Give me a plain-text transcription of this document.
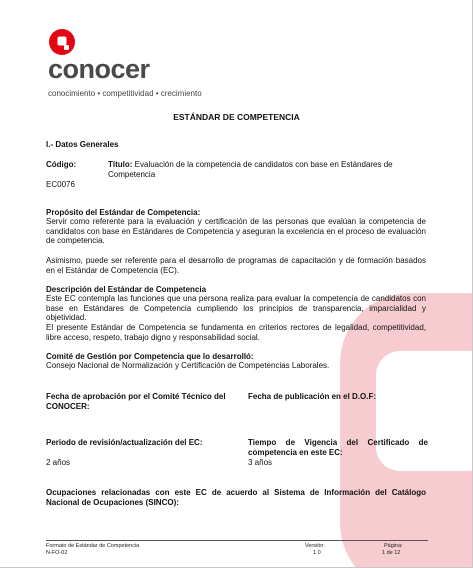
conocer
conocimiento • competitividad • crecimiento
ESTÁNDAR DE COMPETENCIA
I.- Datos Generales
Código:	Título: Evaluación de la competencia de candidatos con base en Estándares de Competencia
EC0076
Propósito del Estándar de Competencia:
Servir como referente para la evaluación y certificación de las personas que evalúan la competencia de candidatos con base en Estándares de Competencia y aseguran la excelencia en el proceso de evaluación de competencia.
Asimismo, puede ser referente para el desarrollo de programas de capacitación y de formación basados en el Estándar de Competencia (EC).
Descripción del Estándar de Competencia
Este EC contempla las funciones que una persona realiza para evaluar la competencia de candidatos con base en Estándares de Competencia cumpliendo los principios de transparencia, imparcialidad y objetividad.
El presente Estándar de Competencia se fundamenta en criterios rectores de legalidad, competitividad, libre acceso, respeto, trabajo digno y responsabilidad social.
Comité de Gestión por Competencia que lo desarrolló:
Consejo Nacional de Normalización y Certificación de Competencias Laborales.
Fecha de aprobación por el Comité Técnico del CONOCER:
Fecha de publicación en el D.O.F:
Periodo de revisión/actualización del EC:	Tiempo de Vigencia del Certificado de competencia en este EC:
2 años	3 años
Ocupaciones relacionadas con este EC de acuerdo al Sistema de Información del Catálogo Nacional de Ocupaciones (SINCO):
Formato de Estándar de Competencia
N-FO-02
Versión:
1.0
Página:
1 de 12
